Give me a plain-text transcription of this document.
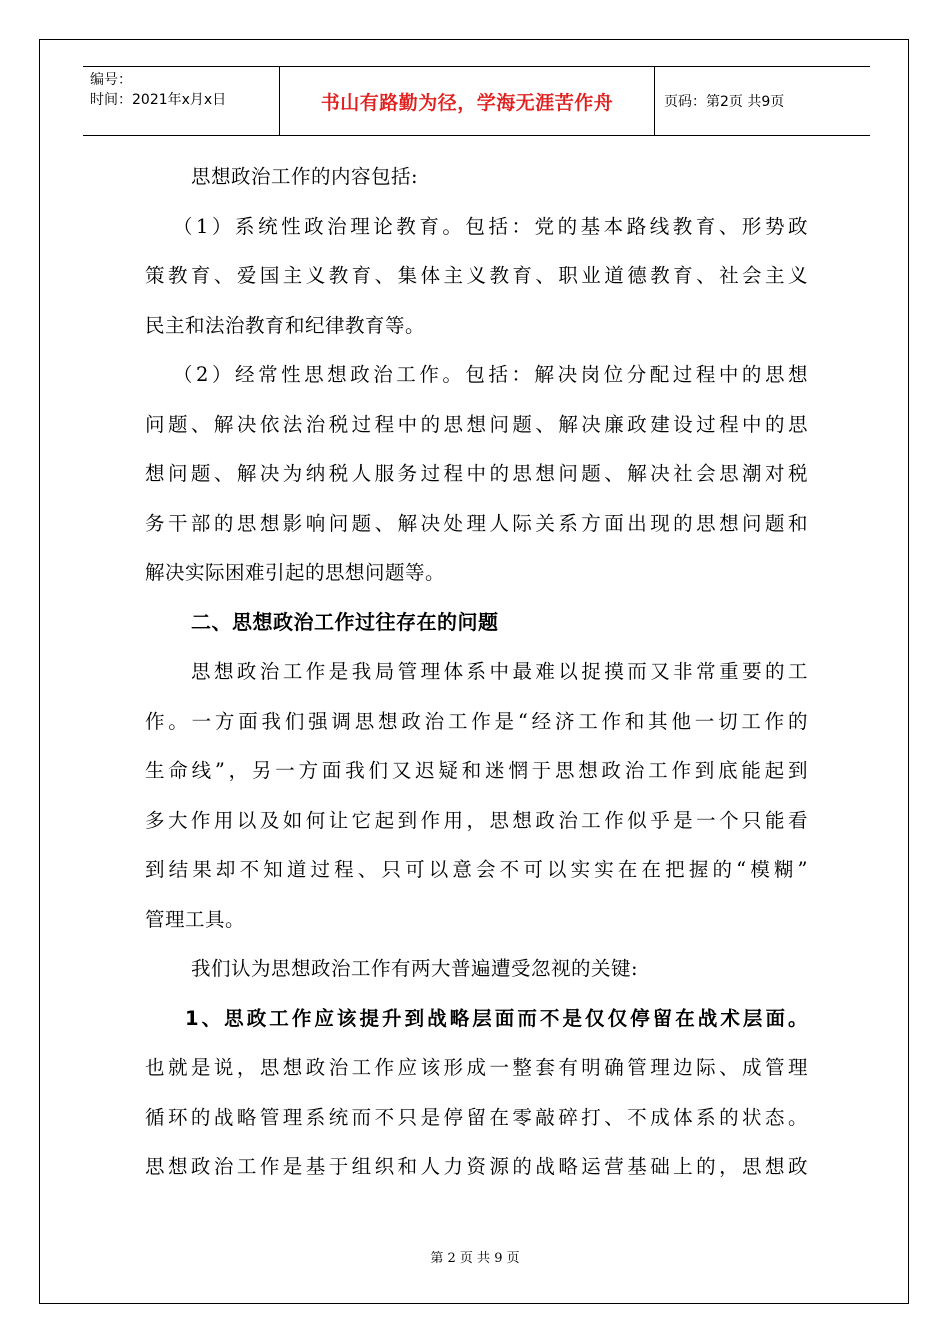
编号：
时间：2021年x月x日	书山有路勤为径，学海无涯苦作舟	页码：第2页 共9页

思想政治工作的内容包括:

（1）系统性政治理论教育。包括：党的基本路线教育、形势政

策教育、爱国主义教育、集体主义教育、职业道德教育、社会主义

民主和法治教育和纪律教育等。

（2）经常性思想政治工作。包括：解决岗位分配过程中的思想

问题、解决依法治税过程中的思想问题、解决廉政建设过程中的思

想问题、解决为纳税人服务过程中的思想问题、解决社会思潮对税

务干部的思想影响问题、解决处理人际关系方面出现的思想问题和

解决实际困难引起的思想问题等。

二、思想政治工作过往存在的问题

思想政治工作是我局管理体系中最难以捉摸而又非常重要的工

作。一方面我们强调思想政治工作是“经济工作和其他一切工作的

生命线”，另一方面我们又迟疑和迷惘于思想政治工作到底能起到

多大作用以及如何让它起到作用，思想政治工作似乎是一个只能看

到结果却不知道过程、只可以意会不可以实实在在把握的“模糊”

管理工具。

我们认为思想政治工作有两大普遍遭受忽视的关键:

1、思政工作应该提升到战略层面而不是仅仅停留在战术层面。

也就是说，思想政治工作应该形成一整套有明确管理边际、成管理

循环的战略管理系统而不只是停留在零敲碎打、不成体系的状态。

思想政治工作是基于组织和人力资源的战略运营基础上的，思想政

第 2 页 共 9 页
